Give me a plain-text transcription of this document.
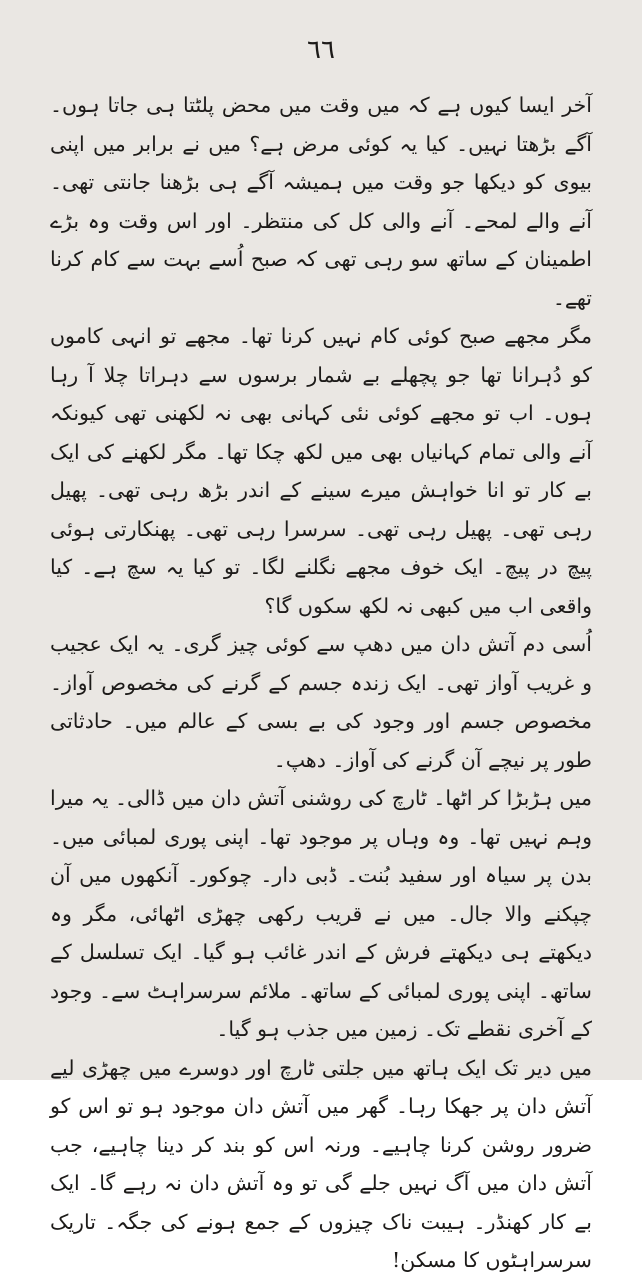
٦٦

آخر ایسا کیوں ہے کہ میں وقت میں محض پلٹتا ہی جاتا ہوں۔ آگے بڑھتا نہیں۔ کیا یہ کوئی مرض ہے؟ میں نے برابر میں اپنی بیوی کو دیکھا جو وقت میں ہمیشہ آگے ہی بڑھنا جانتی تھی۔ آنے والے لمحے۔ آنے والی کل کی منتظر۔ اور اس وقت وہ بڑے اطمینان کے ساتھ سو رہی تھی کہ صبح اُسے بہت سے کام کرنا تھے۔

مگر مجھے صبح کوئی کام نہیں کرنا تھا۔ مجھے تو انہی کاموں کو دُہرانا تھا جو پچھلے بے شمار برسوں سے دہراتا چلا آ رہا ہوں۔ اب تو مجھے کوئی نئی کہانی بھی نہ لکھنی تھی کیونکہ آنے والی تمام کہانیاں بھی میں لکھ چکا تھا۔ مگر لکھنے کی ایک بے کار تو انا خواہش میرے سینے کے اندر بڑھ رہی تھی۔ پھیل رہی تھی۔ پھیل رہی تھی۔ سرسرا رہی تھی۔ پھنکارتی ہوئی پیچ در پیچ۔ ایک خوف مجھے نگلنے لگا۔ تو کیا یہ سچ ہے۔ کیا واقعی اب میں کبھی نہ لکھ سکوں گا؟

اُسی دم آتش دان میں دھپ سے کوئی چیز گری۔ یہ ایک عجیب و غریب آواز تھی۔ ایک زندہ جسم کے گرنے کی مخصوص آواز۔ مخصوص جسم اور وجود کی بے بسی کے عالم میں۔ حادثاتی طور پر نیچے آن گرنے کی آواز۔ دھپ۔

میں ہڑبڑا کر اٹھا۔ ٹارچ کی روشنی آتش دان میں ڈالی۔ یہ میرا وہم نہیں تھا۔ وہ وہاں پر موجود تھا۔ اپنی پوری لمبائی میں۔ بدن پر سیاہ اور سفید بُنت۔ ڈبی دار۔ چوکور۔ آنکھوں میں آن چپکنے والا جال۔ میں نے قریب رکھی چھڑی اٹھائی، مگر وہ دیکھتے ہی دیکھتے فرش کے اندر غائب ہو گیا۔ ایک تسلسل کے ساتھ۔ اپنی پوری لمبائی کے ساتھ۔ ملائم سرسراہٹ سے۔ وجود کے آخری نقطے تک۔ زمین میں جذب ہو گیا۔

میں دیر تک ایک ہاتھ میں جلتی ٹارچ اور دوسرے میں چھڑی لیے آتش دان پر جھکا رہا۔ گھر میں آتش دان موجود ہو تو اس کو ضرور روشن کرنا چاہیے۔ ورنہ اس کو بند کر دینا چاہیے، جب آتش دان میں آگ نہیں جلے گی تو وہ آتش دان نہ رہے گا۔ ایک بے کار کھنڈر۔ ہیبت ناک چیزوں کے جمع ہونے کی جگہ۔ تاریک سرسراہٹوں کا مسکن!
